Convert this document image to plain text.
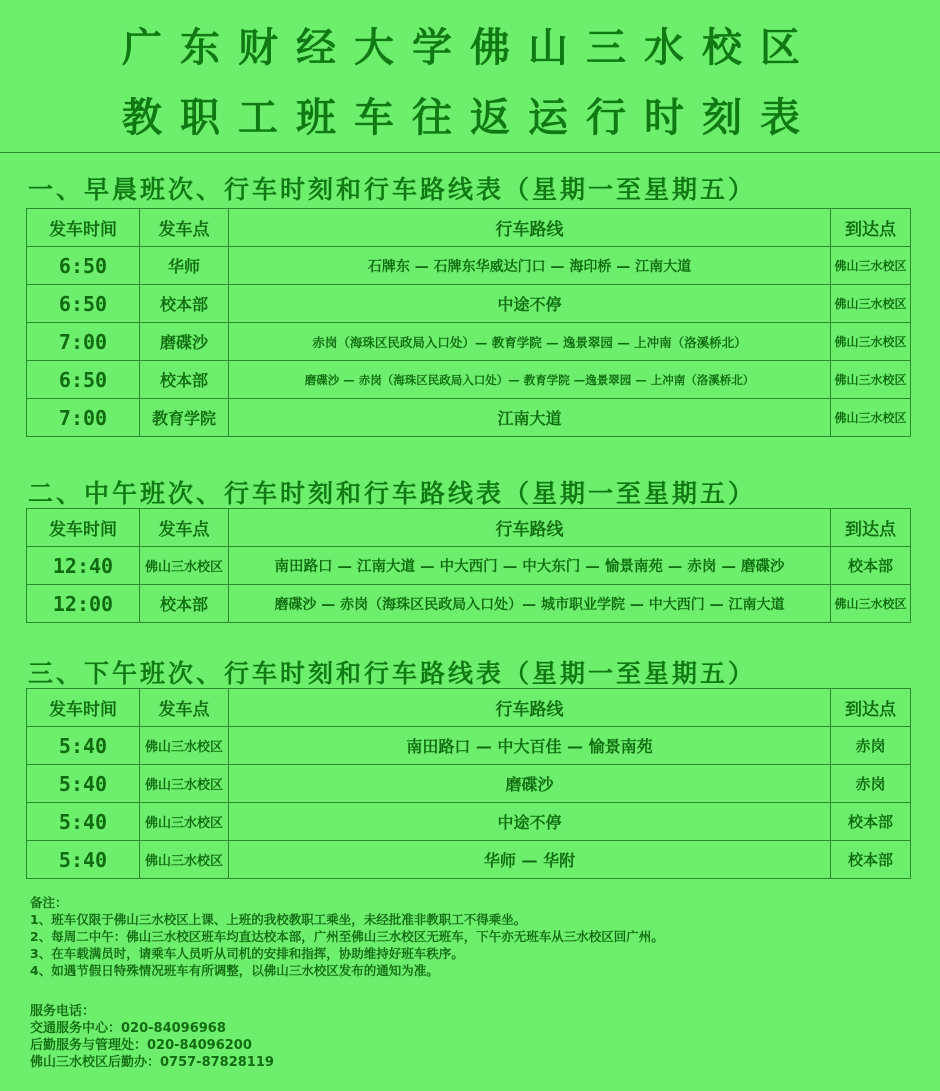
广东财经大学佛山三水校区
教职工班车往返运行时刻表
一、早晨班次、行车时刻和行车路线表（星期一至星期五）
发车时间	发车点	行车路线	到达点
6:50	华师	石牌东 — 石牌东华威达门口 — 海印桥 — 江南大道	佛山三水校区
6:50	校本部	中途不停	佛山三水校区
7:00	磨碟沙	赤岗（海珠区民政局入口处）— 教育学院 — 逸景翠园 — 上冲南（洛溪桥北）	佛山三水校区
6:50	校本部	磨碟沙 — 赤岗（海珠区民政局入口处）— 教育学院 —逸景翠园 — 上冲南（洛溪桥北）	佛山三水校区
7:00	教育学院	江南大道	佛山三水校区
二、中午班次、行车时刻和行车路线表（星期一至星期五）
发车时间	发车点	行车路线	到达点
12:40	佛山三水校区	南田路口 — 江南大道 — 中大西门 — 中大东门 — 愉景南苑 — 赤岗 — 磨碟沙	校本部
12:00	校本部	磨碟沙 — 赤岗（海珠区民政局入口处）— 城市职业学院 — 中大西门 — 江南大道	佛山三水校区
三、下午班次、行车时刻和行车路线表（星期一至星期五）
发车时间	发车点	行车路线	到达点
5:40	佛山三水校区	南田路口 — 中大百佳 — 愉景南苑	赤岗
5:40	佛山三水校区	磨碟沙	赤岗
5:40	佛山三水校区	中途不停	校本部
5:40	佛山三水校区	华师 — 华附	校本部
备注：
1、班车仅限于佛山三水校区上课、上班的我校教职工乘坐，未经批准非教职工不得乘坐。
2、每周二中午：佛山三水校区班车均直达校本部，广州至佛山三水校区无班车，下午亦无班车从三水校区回广州。
3、在车载满员时，请乘车人员听从司机的安排和指挥，协助维持好班车秩序。
4、如遇节假日特殊情况班车有所调整，以佛山三水校区发布的通知为准。
服务电话：
交通服务中心：020-84096968
后勤服务与管理处：020-84096200
佛山三水校区后勤办：0757-87828119
